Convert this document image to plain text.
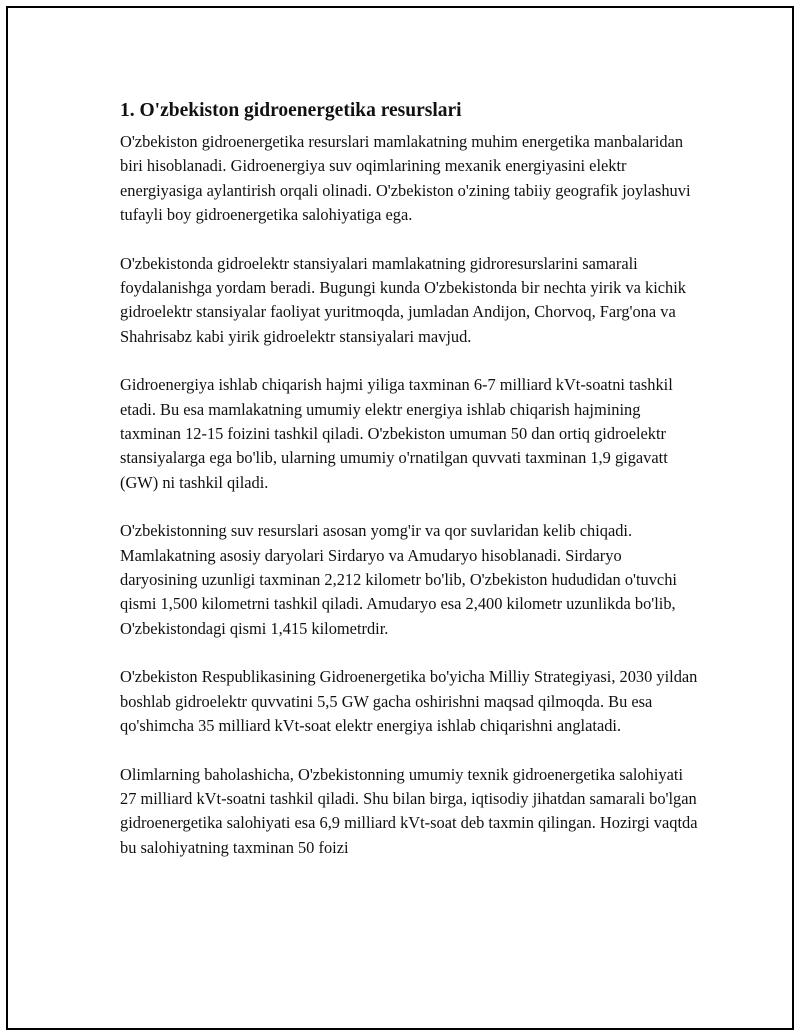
1. O'zbekiston gidroenergetika resurslari

O'zbekiston gidroenergetika resurslari mamlakatning muhim energetika manbalaridan biri hisoblanadi. Gidroenergiya suv oqimlarining mexanik energiyasini elektr energiyasiga aylantirish orqali olinadi. O'zbekiston o'zining tabiiy geografik joylashuvi tufayli boy gidroenergetika salohiyatiga ega.

O'zbekistonda gidroelektr stansiyalari mamlakatning gidroresurslarini samarali foydalanishga yordam beradi. Bugungi kunda O'zbekistonda bir nechta yirik va kichik gidroelektr stansiyalar faoliyat yuritmoqda, jumladan Andijon, Chorvoq, Farg'ona va Shahrisabz kabi yirik gidroelektr stansiyalari mavjud.

Gidroenergiya ishlab chiqarish hajmi yiliga taxminan 6-7 milliard kVt-soatni tashkil etadi. Bu esa mamlakatning umumiy elektr energiya ishlab chiqarish hajmining taxminan 12-15 foizini tashkil qiladi. O'zbekiston umuman 50 dan ortiq gidroelektr stansiyalarga ega bo'lib, ularning umumiy o'rnatilgan quvvati taxminan 1,9 gigavatt (GW) ni tashkil qiladi.

O'zbekistonning suv resurslari asosan yomg'ir va qor suvlaridan kelib chiqadi. Mamlakatning asosiy daryolari Sirdaryo va Amudaryo hisoblanadi. Sirdaryo daryosining uzunligi taxminan 2,212 kilometr bo'lib, O'zbekiston hududidan o'tuvchi qismi 1,500 kilometrni tashkil qiladi. Amudaryo esa 2,400 kilometr uzunlikda bo'lib, O'zbekistondagi qismi 1,415 kilometrdir.

O'zbekiston Respublikasining Gidroenergetika bo'yicha Milliy Strategiyasi, 2030 yildan boshlab gidroelektr quvvatini 5,5 GW gacha oshirishni maqsad qilmoqda. Bu esa qo'shimcha 35 milliard kVt-soat elektr energiya ishlab chiqarishni anglatadi.

Olimlarning baholashicha, O'zbekistonning umumiy texnik gidroenergetika salohiyati 27 milliard kVt-soatni tashkil qiladi. Shu bilan birga, iqtisodiy jihatdan samarali bo'lgan gidroenergetika salohiyati esa 6,9 milliard kVt-soat deb taxmin qilingan. Hozirgi vaqtda bu salohiyatning taxminan 50 foizi
